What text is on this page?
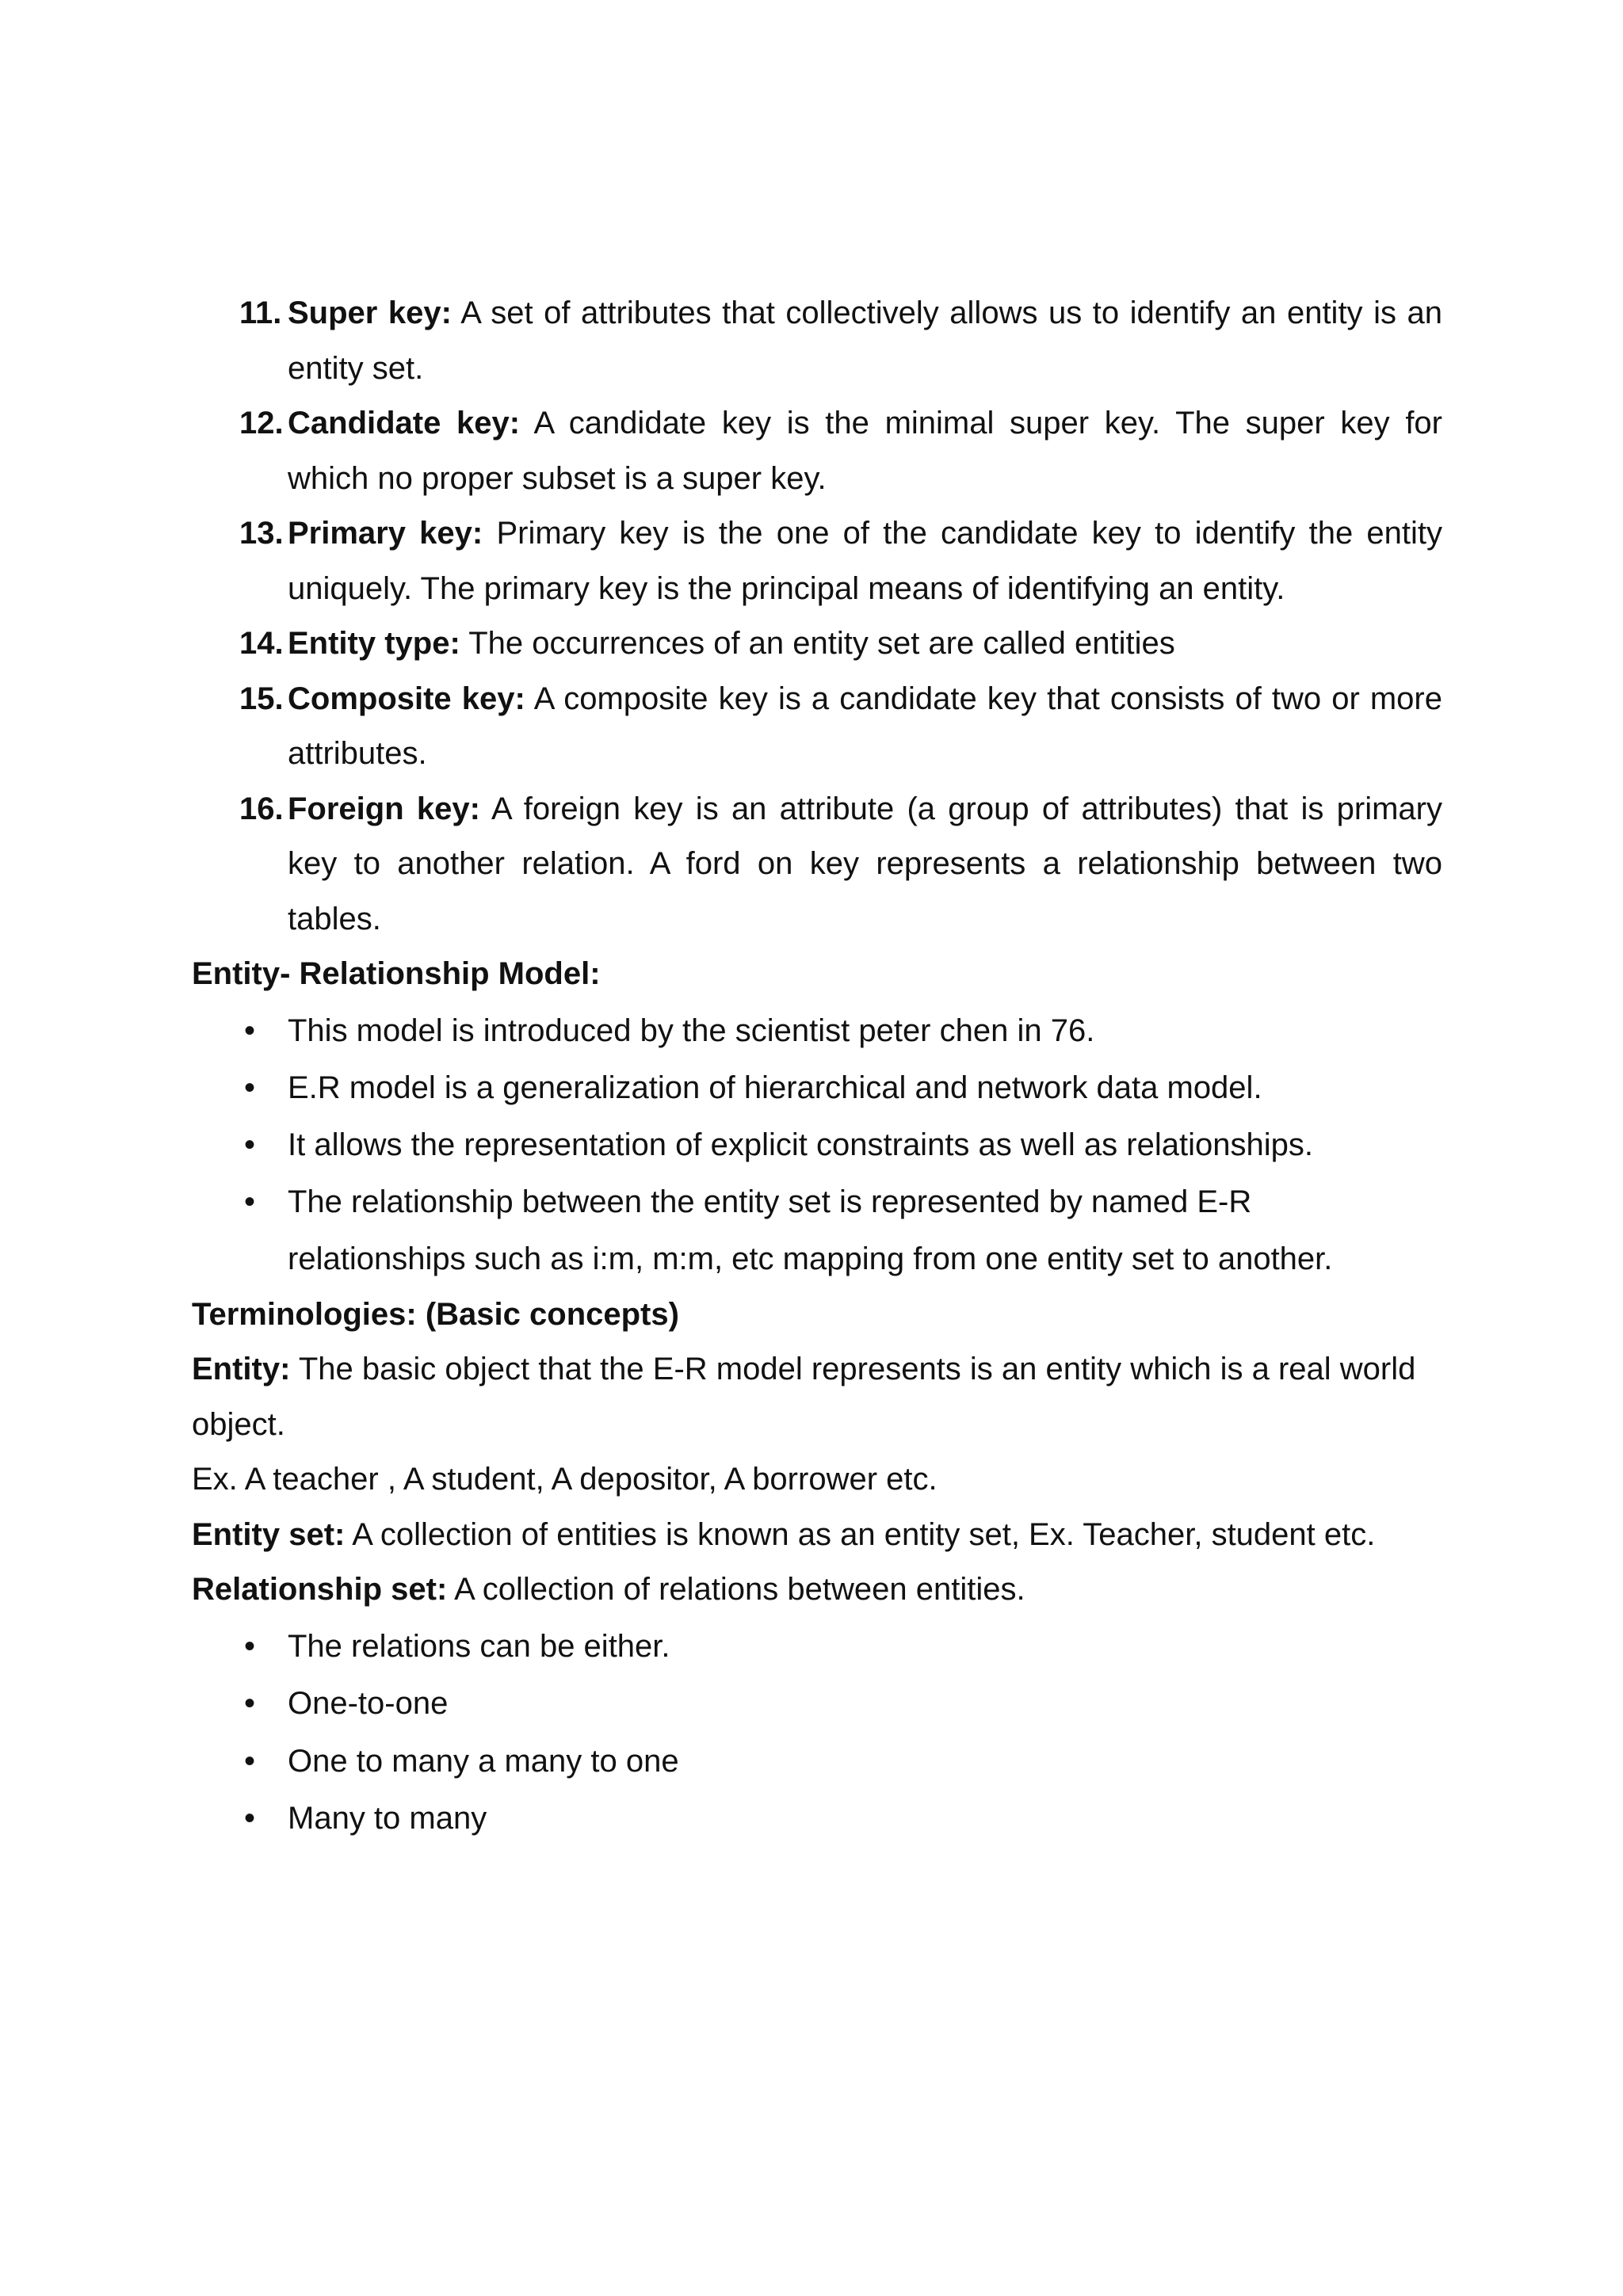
11. Super key: A set of attributes that collectively allows us to identify an entity is an entity set.
12. Candidate key: A candidate key is the minimal super key. The super key for which no proper subset is a super key.
13. Primary key: Primary key is the one of the candidate key to identify the entity uniquely. The primary key is the principal means of identifying an entity.
14. Entity type: The occurrences of an entity set are called entities
15. Composite key: A composite key is a candidate key that consists of two or more attributes.
16. Foreign key: A foreign key is an attribute (a group of attributes) that is primary key to another relation. A ford on key represents a relationship between two tables.

Entity- Relationship Model:

• This model is introduced by the scientist peter chen in 76.
• E.R model is a generalization of hierarchical and network data model.
• It allows the representation of explicit constraints as well as relationships.
• The relationship between the entity set is represented by named E-R
relationships such as i:m, m:m, etc mapping from one entity set to another.

Terminologies: (Basic concepts)

Entity: The basic object that the E-R model represents is an entity which is a real world object.

Ex. A teacher , A student, A depositor, A borrower etc.

Entity set: A collection of entities is known as an entity set, Ex. Teacher, student etc.

Relationship set: A collection of relations between entities.

• The relations can be either.
• One-to-one
• One to many a many to one
• Many to many
